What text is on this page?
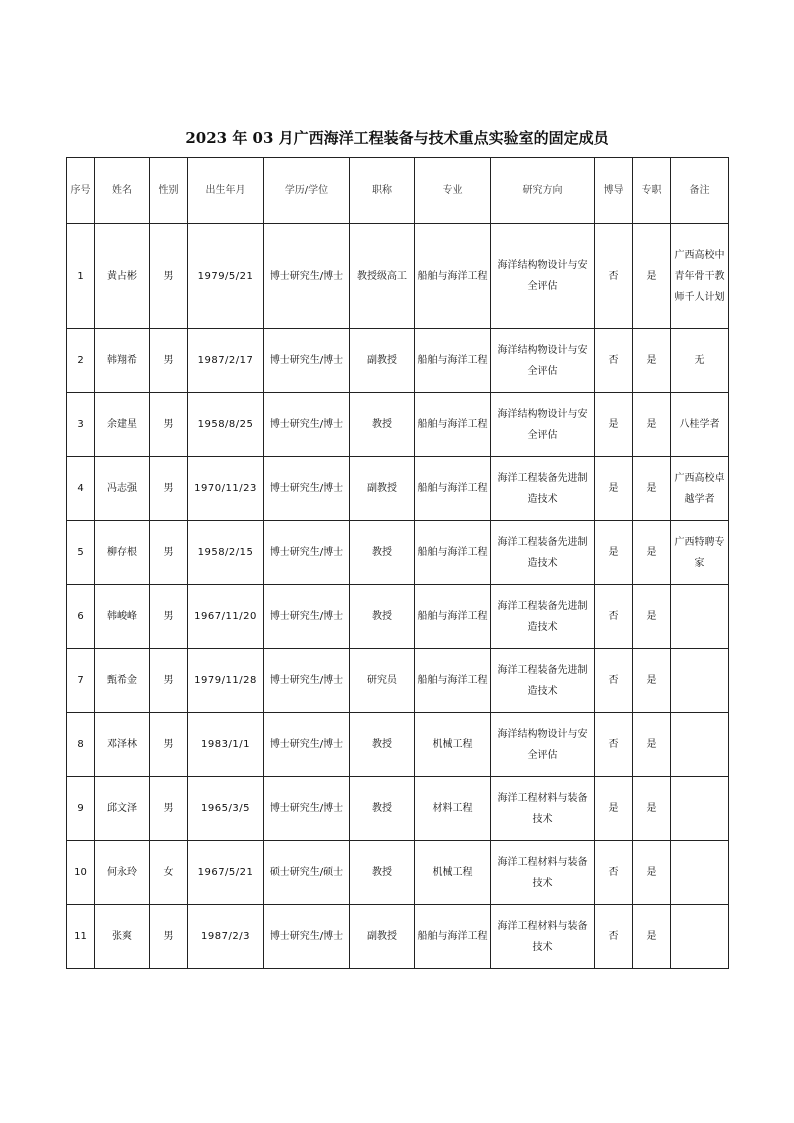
2023 年 03 月广西海洋工程装备与技术重点实验室的固定成员
序号	姓名	性别	出生年月	学历/学位	职称	专业	研究方向	博导	专职	备注
1	黄占彬	男	1979/5/21	博士研究生/博士	教授级高工	船舶与海洋工程	海洋结构物设计与安全评估	否	是	广西高校中青年骨干教师千人计划
2	韩翔希	男	1987/2/17	博士研究生/博士	副教授	船舶与海洋工程	海洋结构物设计与安全评估	否	是	无
3	余建星	男	1958/8/25	博士研究生/博士	教授	船舶与海洋工程	海洋结构物设计与安全评估	是	是	八桂学者
4	冯志强	男	1970/11/23	博士研究生/博士	副教授	船舶与海洋工程	海洋工程装备先进制造技术	是	是	广西高校卓越学者
5	柳存根	男	1958/2/15	博士研究生/博士	教授	船舶与海洋工程	海洋工程装备先进制造技术	是	是	广西特聘专家
6	韩峻峰	男	1967/11/20	博士研究生/博士	教授	船舶与海洋工程	海洋工程装备先进制造技术	否	是	
7	甄希金	男	1979/11/28	博士研究生/博士	研究员	船舶与海洋工程	海洋工程装备先进制造技术	否	是	
8	邓泽林	男	1983/1/1	博士研究生/博士	教授	机械工程	海洋结构物设计与安全评估	否	是	
9	邱文泽	男	1965/3/5	博士研究生/博士	教授	材料工程	海洋工程材料与装备技术	是	是	
10	何永玲	女	1967/5/21	硕士研究生/硕士	教授	机械工程	海洋工程材料与装备技术	否	是	
11	张爽	男	1987/2/3	博士研究生/博士	副教授	船舶与海洋工程	海洋工程材料与装备技术	否	是	
